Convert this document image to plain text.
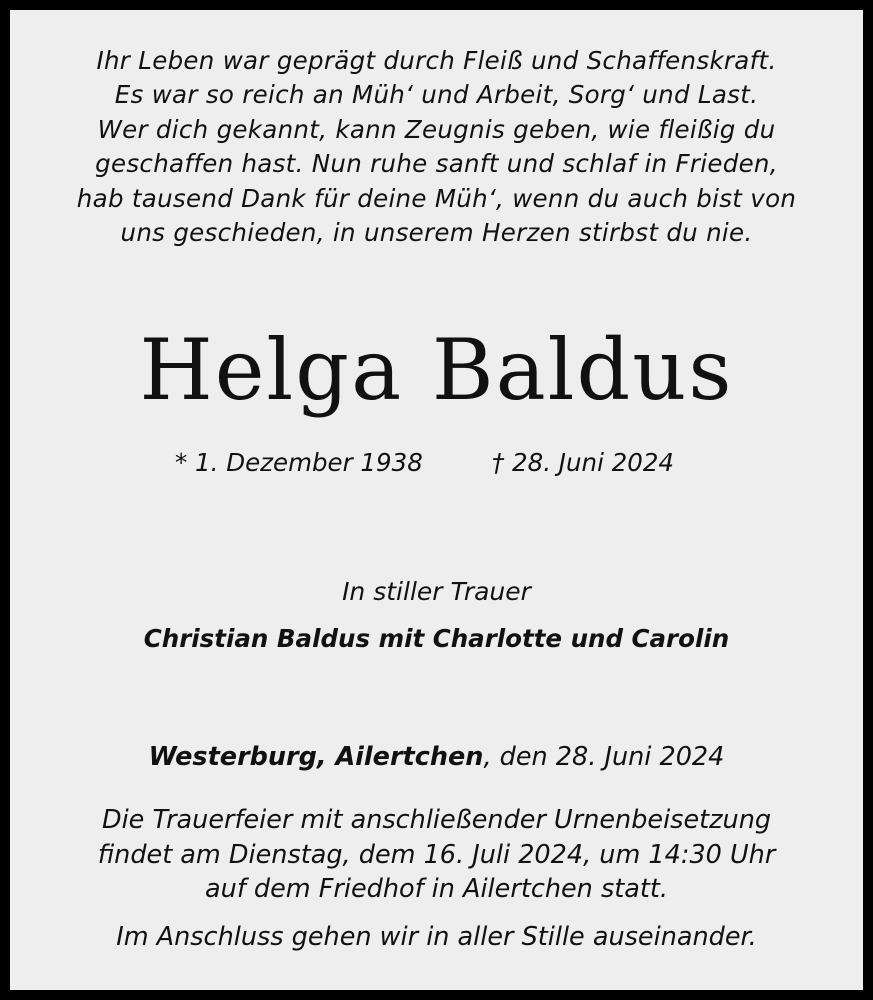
Ihr Leben war geprägt durch Fleiß und Schaffenskraft.
Es war so reich an Müh‘ und Arbeit, Sorg‘ und Last.
Wer dich gekannt, kann Zeugnis geben, wie fleißig du
geschaffen hast. Nun ruhe sanft und schlaf in Frieden,
hab tausend Dank für deine Müh‘, wenn du auch bist von
uns geschieden, in unserem Herzen stirbst du nie.
Helga Baldus
* 1. Dezember 1938	† 28. Juni 2024
In stiller Trauer
Christian Baldus mit Charlotte und Carolin
Westerburg, Ailertchen, den 28. Juni 2024
Die Trauerfeier mit anschließender Urnenbeisetzung
findet am Dienstag, dem 16. Juli 2024, um 14:30 Uhr
auf dem Friedhof in Ailertchen statt.
Im Anschluss gehen wir in aller Stille auseinander.
